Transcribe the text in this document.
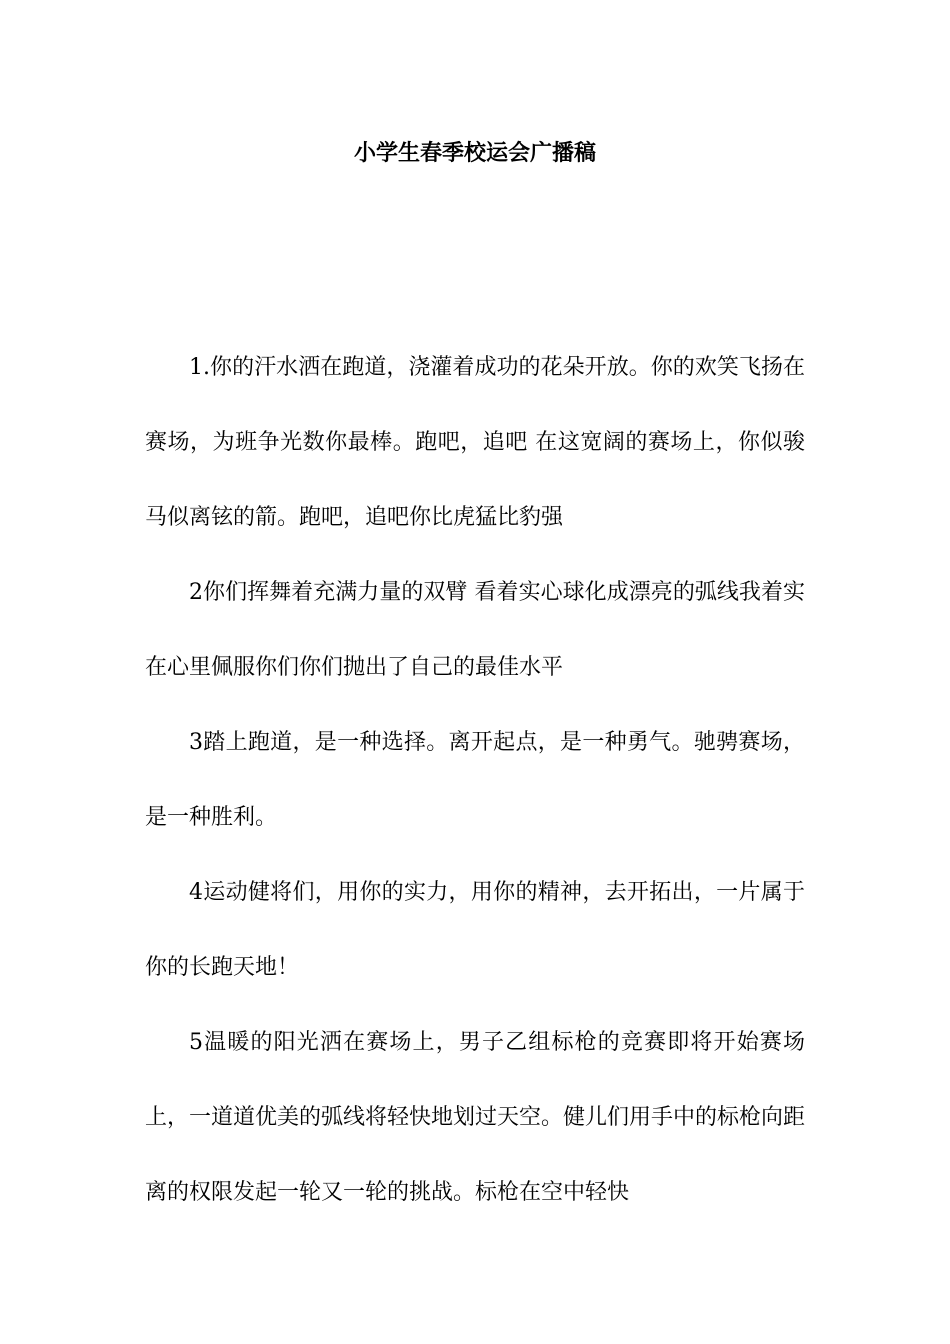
小学生春季校运会广播稿

1.你的汗水洒在跑道，浇灌着成功的花朵开放。你的欢笑飞扬在赛场，为班争光数你最棒。跑吧，追吧 在这宽阔的赛场上，你似骏马似离铉的箭。跑吧，追吧你比虎猛比豹强

2你们挥舞着充满力量的双臂 看着实心球化成漂亮的弧线我着实在心里佩服你们你们抛出了自己的最佳水平

3踏上跑道，是一种选择。离开起点，是一种勇气。驰骋赛场，是一种胜利。

4运动健将们，用你的实力，用你的精神，去开拓出，一片属于你的长跑天地！

5温暖的阳光洒在赛场上，男子乙组标枪的竞赛即将开始赛场上，一道道优美的弧线将轻快地划过天空。健儿们用手中的标枪向距离的权限发起一轮又一轮的挑战。标枪在空中轻快
